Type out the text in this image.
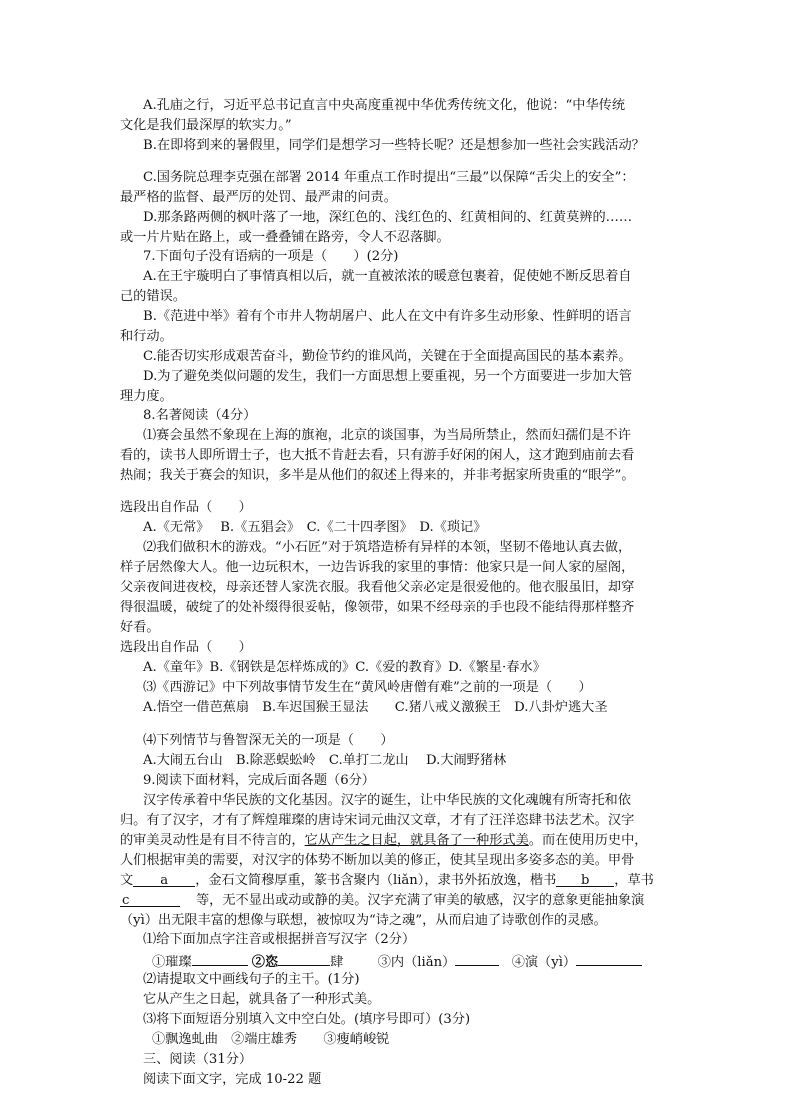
A.孔庙之行，习近平总书记直言中央高度重视中华优秀传统文化，他说：“中华传统
文化是我们最深厚的软实力。”
B.在即将到来的暑假里，同学们是想学习一些特长呢？还是想参加一些社会实践活动？
C.国务院总理李克强在部署 2014 年重点工作时提出“三最”以保障“舌尖上的安全”：
最严格的监督、最严厉的处罚、最严肃的问责。
D.那条路两侧的枫叶落了一地，深红色的、浅红色的、红黄相间的、红黄莫辨的……
或一片片贴在路上，或一叠叠铺在路旁，令人不忍落脚。
7.下面句子没有语病的一项是（　　）(2分)
A.在王宇璇明白了事情真相以后，就一直被浓浓的暖意包裹着，促使她不断反思着自
己的错误。
B.《范进中举》着有个市井人物胡屠户、此人在文中有许多生动形象、性鲜明的语言
和行动。
C.能否切实形成艰苦奋斗，勤俭节约的谁风尚，关键在于全面提高国民的基本素养。
D.为了避免类似问题的发生，我们一方面思想上要重视，另一个方面要进一步加大管
理力度。
8.名著阅读（4分）
⑴赛会虽然不象现在上海的旗袍，北京的谈国事，为当局所禁止，然而妇孺们是不许
看的，读书人即所谓士子，也大抵不肯赶去看，只有游手好闲的闲人，这才跑到庙前去看
热闹；我关于赛会的知识，多半是从他们的叙述上得来的，并非考据家所贵重的“眼学”。
选段出自作品（　　）
A.《无常》　 B.《五猖会》　C.《二十四孝图》　D.《琐记》
⑵我们做积木的游戏。“小石匠”对于筑塔造桥有异样的本领，坚韧不倦地认真去做，
样子居然像大人。他一边玩积木，一边告诉我的家里的事情：他家只是一间人家的屋阁，
父亲夜间进夜校，母亲还替人家洗衣服。我看他父亲必定是很爱他的。他衣服虽旧，却穿
得很温暖，破绽了的处补缀得很妥帖，像领带，如果不经母亲的手也段不能结得那样整齐
好看。
选段出自作品（　　）
A.《童年》B.《钢铁是怎样炼成的》C.《爱的教育》D.《繁星·春水》
⑶《西游记》中下列故事情节发生在“黄风岭唐僧有难”之前的一项是（　　）
A.悟空一借芭蕉扇　B.车迟国猴王显法　　C.猪八戒义激猴王　D.八卦炉逃大圣
⑷下列情节与鲁智深无关的一项是（　　）
A.大闹五台山　B.除恶蜈蚣岭　C.单打二龙山　 D.大闹野猪林
9.阅读下面材料，完成后面各题（6分）
汉字传承着中华民族的文化基因。汉字的诞生，让中华民族的文化魂魄有所寄托和依
归。有了汉字，才有了辉煌璀璨的唐诗宋词元曲汉文章，才有了汪洋恣肆书法艺术。汉字
的审美灵动性是有目不待言的，它从产生之日起，就具备了一种形式美。而在使用历史中，
人们根据审美的需要，对汉字的体势不断加以美的修正，使其呈现出多姿多态的美。甲骨
文 a ，金石文简穆厚重，篆书含聚内（liǎn），隶书外拓放逸，楷书 b ，草书
c	等，无不显出或动或静的美。汉字充满了审美的敏感，汉字的意象更能抽象演
（yì）出无限丰富的想像与联想，被惊叹为“诗之魂”，从而启迪了诗歌创作的灵感。
⑴给下面加点字注音或根据拼音写汉字（2分）
①璀璨	②恣	肆	③内（liǎn）	④演（yì）
⑵请提取文中画线句子的主干。(1分)
它从产生之日起，就具备了一种形式美。
⑶将下面短语分别填入文中空白处。(填序号即可）(3分)
①飘逸虬曲　②端庄雄秀　　③瘦峭峻锐
三、阅读（31分）
阅读下面文字，完成 10-22 题
